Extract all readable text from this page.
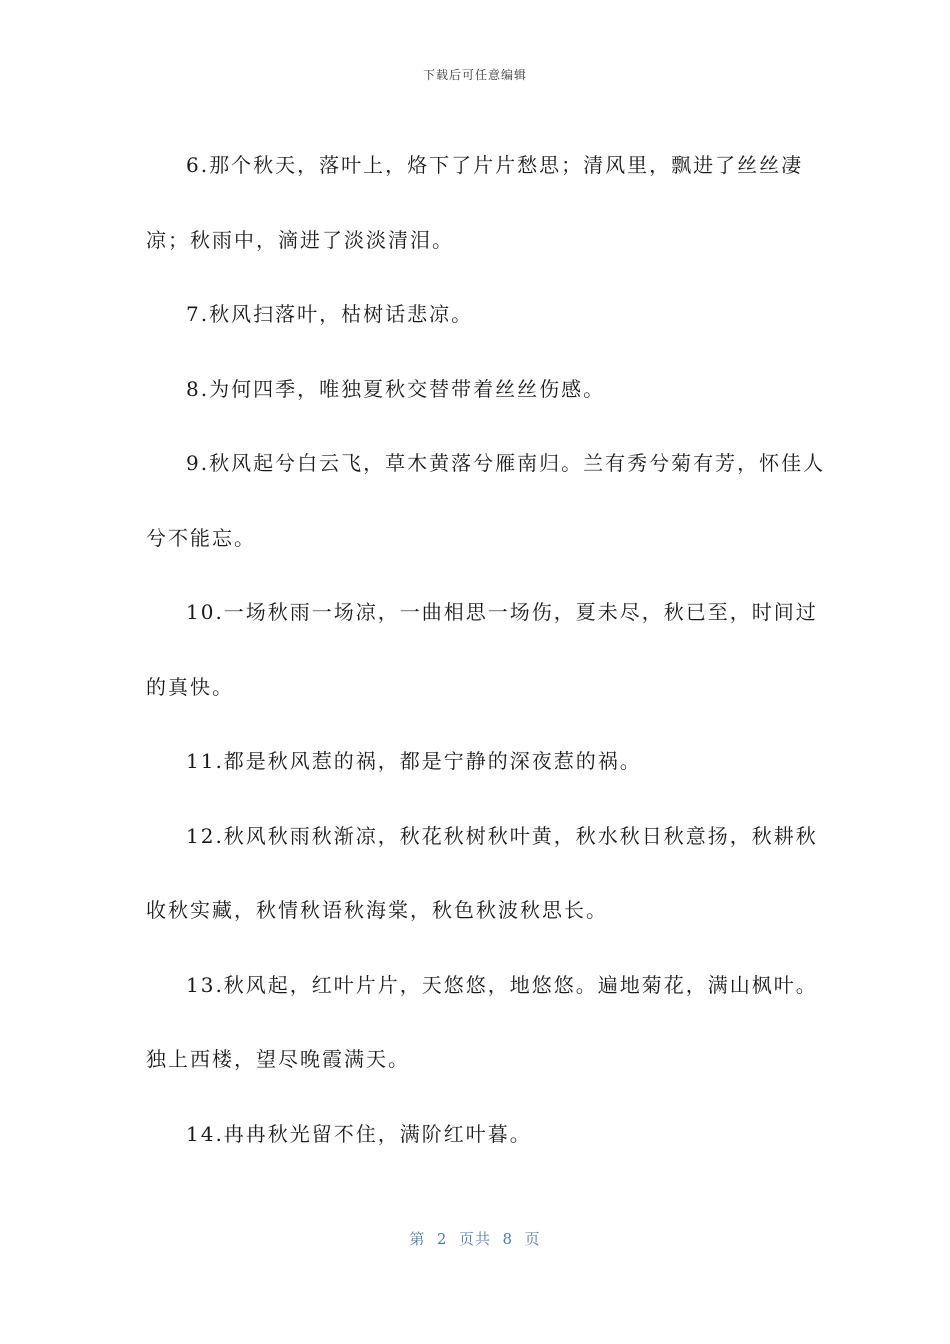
下载后可任意编辑

6.那个秋天，落叶上，烙下了片片愁思；清风里，飘进了丝丝凄凉；秋雨中，滴进了淡淡清泪。

7.秋风扫落叶，枯树话悲凉。

8.为何四季，唯独夏秋交替带着丝丝伤感。

9.秋风起兮白云飞，草木黄落兮雁南归。兰有秀兮菊有芳，怀佳人兮不能忘。

10.一场秋雨一场凉，一曲相思一场伤，夏未尽，秋已至，时间过的真快。

11.都是秋风惹的祸，都是宁静的深夜惹的祸。

12.秋风秋雨秋渐凉，秋花秋树秋叶黄，秋水秋日秋意扬，秋耕秋收秋实藏，秋情秋语秋海棠，秋色秋波秋思长。

13.秋风起，红叶片片，天悠悠，地悠悠。遍地菊花，满山枫叶。独上西楼，望尽晚霞满天。

14.冉冉秋光留不住，满阶红叶暮。

第  2  页共  8  页
